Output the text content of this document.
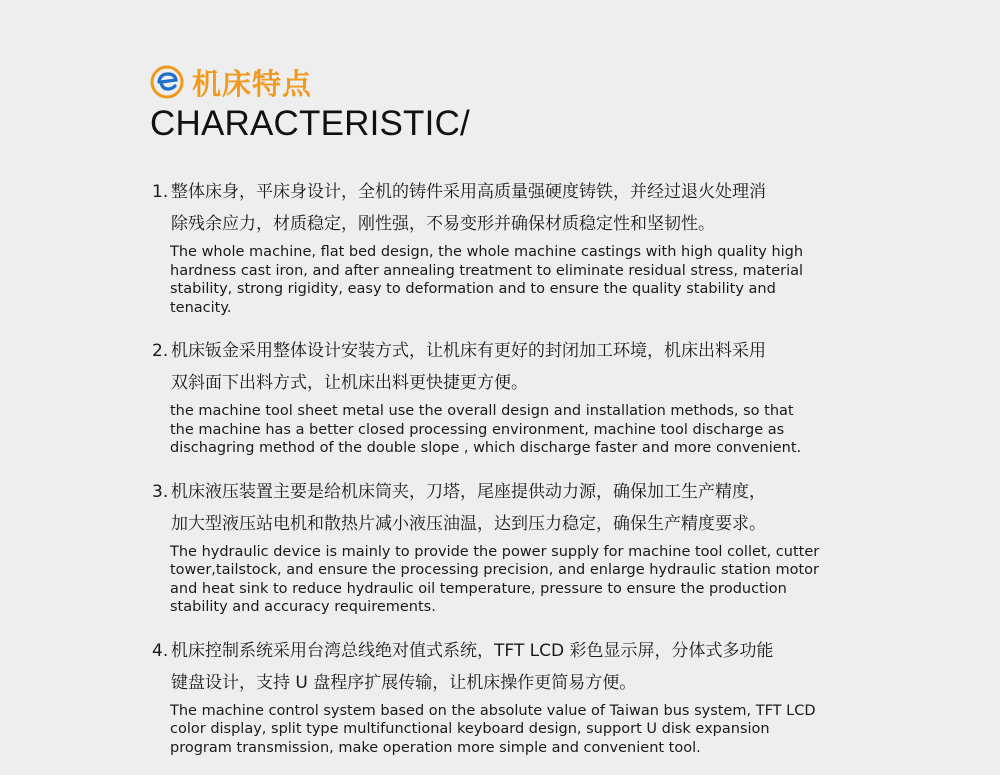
机床特点
CHARACTERISTIC/
1. 整体床身，平床身设计，全机的铸件采用高质量强硬度铸铁，并经过退火处理消
除残余应力，材质稳定，刚性强，不易变形并确保材质稳定性和坚韧性。
The whole machine, flat bed design, the whole machine castings with high quality high hardness cast iron, and after annealing treatment to eliminate residual stress, material stability, strong rigidity, easy to deformation and to ensure the quality stability and tenacity.
2. 机床钣金采用整体设计安装方式，让机床有更好的封闭加工环境，机床出料采用
双斜面下出料方式，让机床出料更快捷更方便。
the machine tool sheet metal use the overall design and installation methods, so that the machine has a better closed processing environment, machine tool discharge as dischagring method of the double slope , which discharge faster and more convenient.
3. 机床液压装置主要是给机床筒夹，刀塔，尾座提供动力源，确保加工生产精度，
加大型液压站电机和散热片减小液压油温，达到压力稳定，确保生产精度要求。
The hydraulic device is mainly to provide the power supply for machine tool collet, cutter tower,tailstock, and ensure the processing precision, and enlarge hydraulic station motor and heat sink to reduce hydraulic oil temperature, pressure to ensure the production stability and accuracy requirements.
4. 机床控制系统采用台湾总线绝对值式系统，TFT LCD 彩色显示屏，分体式多功能
键盘设计，支持 U 盘程序扩展传输，让机床操作更简易方便。
The machine control system based on the absolute value of Taiwan bus system, TFT LCD color display, split type multifunctional keyboard design, support U disk expansion program transmission, make operation more simple and convenient tool.
